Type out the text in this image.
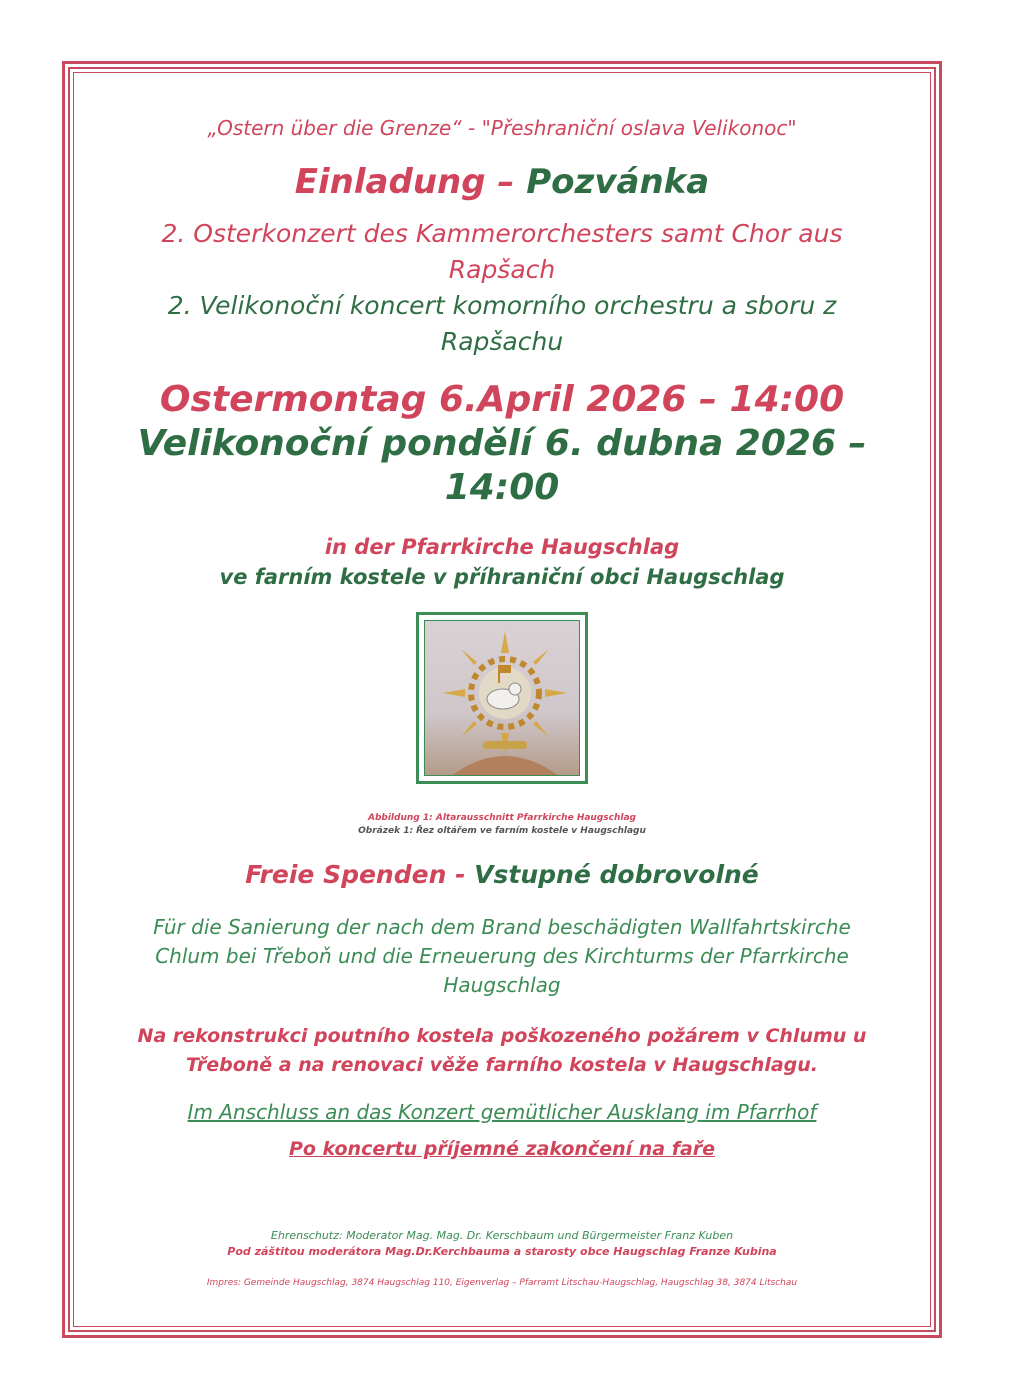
„Ostern über die Grenze“ - "Přeshraniční oslava Velikonoc"

Einladung – Pozvánka

2. Osterkonzert des Kammerorchesters samt Chor aus
Rapšach
2. Velikonoční koncert komorního orchestru a sboru z
Rapšachu
Ostermontag 6.April 2026 – 14:00
Velikonoční pondělí 6. dubna 2026 – 14:00
in der Pfarrkirche Haugschlag
ve farním kostele v příhraniční obci Haugschlag
Abbildung 1: Altarausschnitt Pfarrkirche Haugschlag
Obrázek 1: Řez oltářem ve farním kostele v Haugschlagu

Freie Spenden - Vstupné dobrovolné

Für die Sanierung der nach dem Brand beschädigten Wallfahrtskirche
Chlum bei Třeboň und die Erneuerung des Kirchturms der Pfarrkirche
Haugschlag
Na rekonstrukci poutního kostela poškozeného požárem v Chlumu u
Třeboně a na renovaci věže farního kostela v Haugschlagu.

Im Anschluss an das Konzert gemütlicher Ausklang im Pfarrhof

Po koncertu příjemné zakončení na faře

Ehrenschutz: Moderator Mag. Mag. Dr. Kerschbaum und Bürgermeister Franz Kuben
Pod záštitou moderátora Mag.Dr.Kerchbauma a starosty obce Haugschlag Franze Kubina

Impres: Gemeinde Haugschlag, 3874 Haugschlag 110, Eigenverlag – Pfarramt Litschau-Haugschlag, Haugschlag 38, 3874 Litschau
